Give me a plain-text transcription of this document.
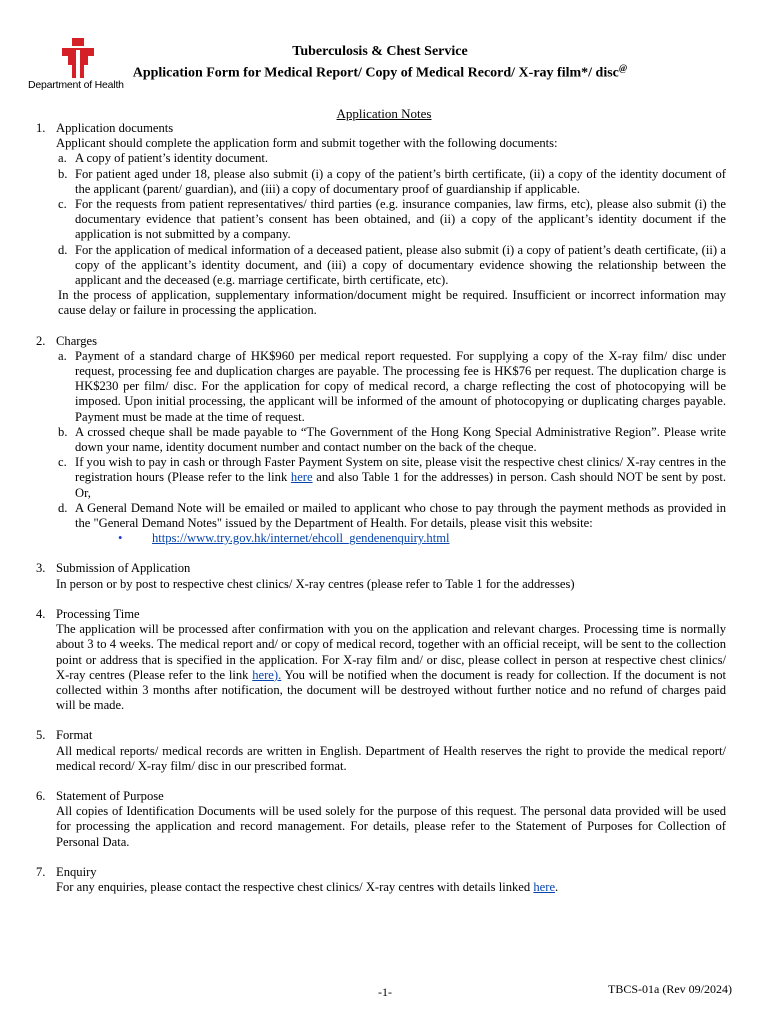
Department of Health
Tuberculosis & Chest Service
Application Form for Medical Report/ Copy of Medical Record/ X-ray film*/ disc@
Application Notes
1. Application documents
Applicant should complete the application form and submit together with the following documents:
a. A copy of patient’s identity document.
b. For patient aged under 18, please also submit (i) a copy of the patient’s birth certificate, (ii) a copy of the identity document of the applicant (parent/ guardian), and (iii) a copy of documentary proof of guardianship if applicable.
c. For the requests from patient representatives/ third parties (e.g. insurance companies, law firms, etc), please also submit (i) the documentary evidence that patient’s consent has been obtained, and (ii) a copy of the applicant’s identity document if the application is not submitted by a company.
d. For the application of medical information of a deceased patient, please also submit (i) a copy of patient’s death certificate, (ii) a copy of the applicant’s identity document, and (iii) a copy of documentary evidence showing the relationship between the applicant and the deceased (e.g. marriage certificate, birth certificate, etc).
In the process of application, supplementary information/document might be required. Insufficient or incorrect information may cause delay or failure in processing the application.
2. Charges
a. Payment of a standard charge of HK$960 per medical report requested. For supplying a copy of the X-ray film/ disc under request, processing fee and duplication charges are payable. The processing fee is HK$76 per request. The duplication charge is HK$230 per film/ disc. For the application for copy of medical record, a charge reflecting the cost of photocopying will be imposed. Upon initial processing, the applicant will be informed of the amount of photocopying or duplicating charges payable. Payment must be made at the time of request.
b. A crossed cheque shall be made payable to “The Government of the Hong Kong Special Administrative Region”. Please write down your name, identity document number and contact number on the back of the cheque.
c. If you wish to pay in cash or through Faster Payment System on site, please visit the respective chest clinics/ X-ray centres in the registration hours (Please refer to the link here and also Table 1 for the addresses) in person. Cash should NOT be sent by post. Or,
d. A General Demand Note will be emailed or mailed to applicant who chose to pay through the payment methods as provided in the "General Demand Notes" issued by the Department of Health. For details, please visit this website:
•	https://www.try.gov.hk/internet/ehcoll_gendenenquiry.html
3. Submission of Application
In person or by post to respective chest clinics/ X-ray centres (please refer to Table 1 for the addresses)
4. Processing Time
The application will be processed after confirmation with you on the application and relevant charges. Processing time is normally about 3 to 4 weeks. The medical report and/ or copy of medical record, together with an official receipt, will be sent to the collection point or address that is specified in the application. For X-ray film and/ or disc, please collect in person at respective chest clinics/ X-ray centres (Please refer to the link here). You will be notified when the document is ready for collection. If the document is not collected within 3 months after notification, the document will be destroyed without further notice and no refund of charges paid will be made.
5. Format
All medical reports/ medical records are written in English. Department of Health reserves the right to provide the medical report/ medical record/ X-ray film/ disc in our prescribed format.
6. Statement of Purpose
All copies of Identification Documents will be used solely for the purpose of this request. The personal data provided will be used for processing the application and record management. For details, please refer to the Statement of Purposes for Collection of Personal Data.
7. Enquiry
For any enquiries, please contact the respective chest clinics/ X-ray centres with details linked here.
-1-	TBCS-01a (Rev 09/2024)
